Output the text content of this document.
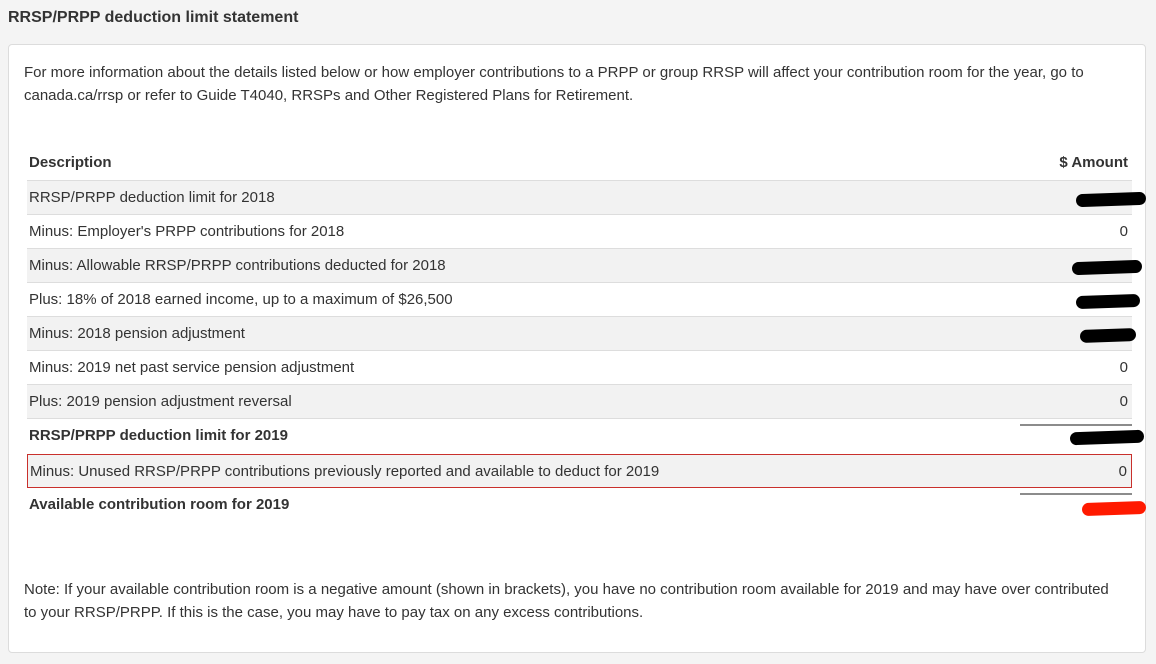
RRSP/PRPP deduction limit statement

For more information about the details listed below or how employer contributions to a PRPP or group RRSP will affect your contribution room for the year, go to canada.ca/rrsp or refer to Guide T4040, RRSPs and Other Registered Plans for Retirement.

Description	$ Amount
RRSP/PRPP deduction limit for 2018
Minus: Employer's PRPP contributions for 2018	0
Minus: Allowable RRSP/PRPP contributions deducted for 2018
Plus: 18% of 2018 earned income, up to a maximum of $26,500
Minus: 2018 pension adjustment
Minus: 2019 net past service pension adjustment	0
Plus: 2019 pension adjustment reversal	0
RRSP/PRPP deduction limit for 2019
Minus: Unused RRSP/PRPP contributions previously reported and available to deduct for 2019	0
Available contribution room for 2019

Note: If your available contribution room is a negative amount (shown in brackets), you have no contribution room available for 2019 and may have over contributed to your RRSP/PRPP. If this is the case, you may have to pay tax on any excess contributions.
